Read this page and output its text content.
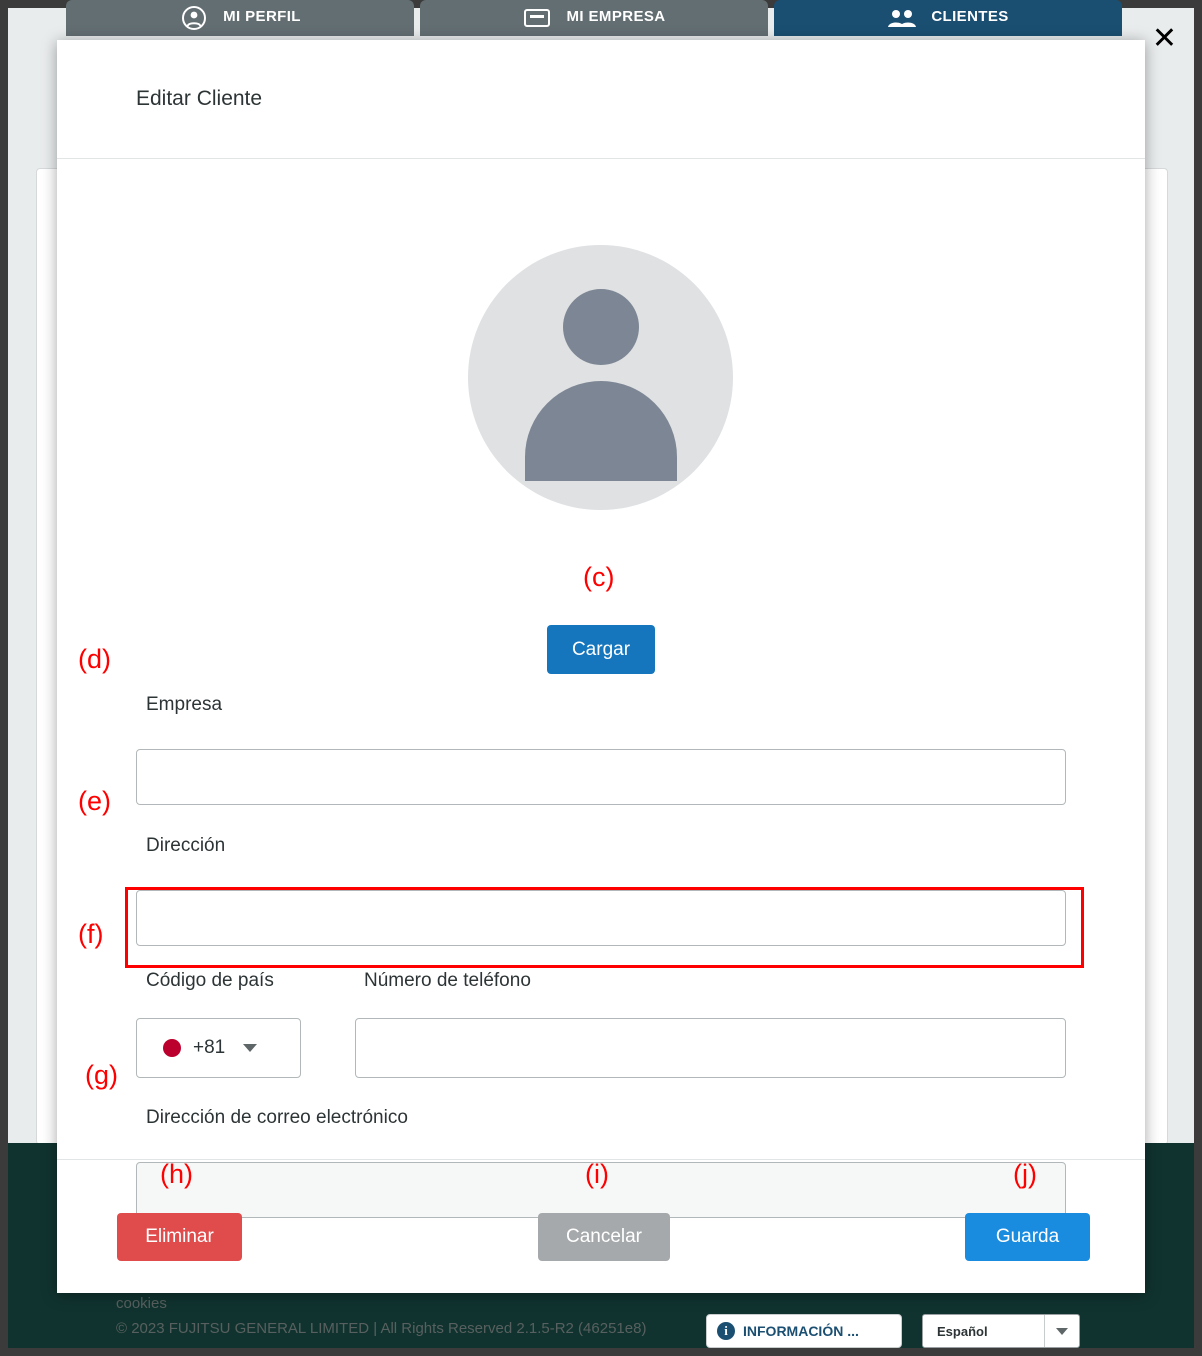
MI PERFIL	MI EMPRESA	CLIENTES
cookies
© 2023 FUJITSU GENERAL LIMITED | All Rights Reserved 2.1.5-R2 (46251e8)	i	INFORMACIÓN ...	Español
✕
Editar Cliente
Cargar
Empresa
Dirección
Código de país	Número de teléfono
+81
Dirección de correo electrónico
Eliminar	Cancelar	Guarda
(c)
(d)
(e)
(f)
(g)
(h)	(i)	(j)
